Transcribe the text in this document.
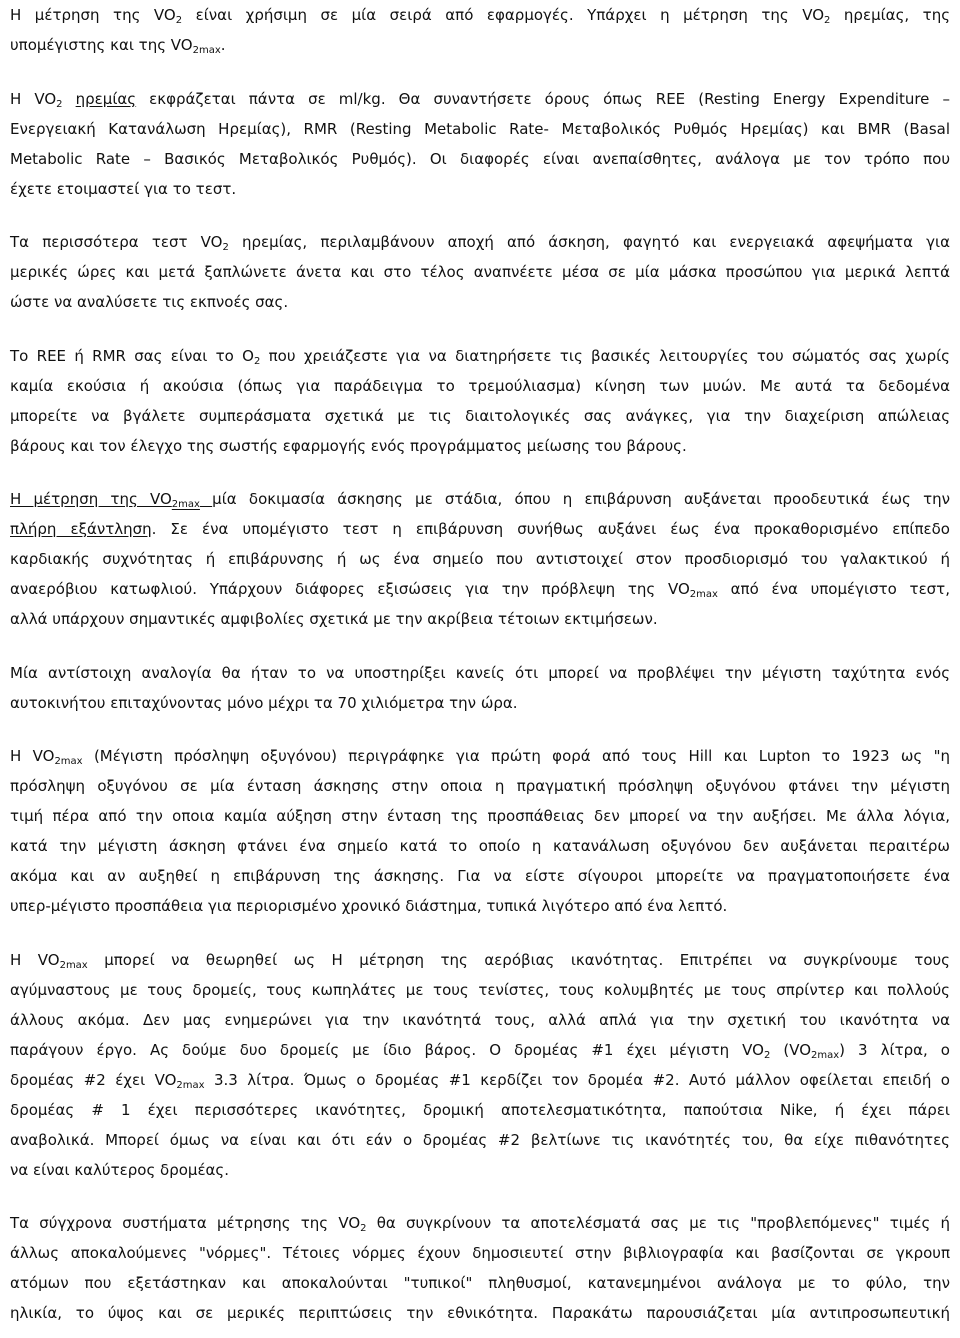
Η μέτρηση της $VO_2$ είναι χρήσιμη σε μία σειρά από εφαρμογές. Υπάρχει η μέτρηση της $VO_2$ ηρεμίας, της
υπομέγιστης και της $VO_{2max}$.
Η $VO_2$ ηρεμίας εκφράζεται πάντα σε ml/kg. Θα συναντήσετε όρους όπως REE (Resting Energy Expenditure –
Ενεργειακή Κατανάλωση Ηρεμίας), RMR (Resting Metabolic Rate- Μεταβολικός Ρυθμός Ηρεμίας) και BMR (Basal
Metabolic Rate – Βασικός Μεταβολικός Ρυθμός). Οι διαφορές είναι ανεπαίσθητες, ανάλογα με τον τρόπο που
έχετε ετοιμαστεί για το τεστ.
Τα περισσότερα τεστ $VO_2$ ηρεμίας, περιλαμβάνουν αποχή από άσκηση, φαγητό και ενεργειακά αφεψήματα για
μερικές ώρες και μετά ξαπλώνετε άνετα και στο τέλος αναπνέετε μέσα σε μία μάσκα προσώπου για μερικά λεπτά
ώστε να αναλύσετε τις εκπνοές σας.
Το REE ή RMR σας είναι το $O_2$ που χρειάζεστε για να διατηρήσετε τις βασικές λειτουργίες του σώματός σας χωρίς
καμία εκούσια ή ακούσια (όπως για παράδειγμα το τρεμούλιασμα) κίνηση των μυών. Με αυτά τα δεδομένα
μπορείτε να βγάλετε συμπεράσματα σχετικά με τις διαιτολογικές σας ανάγκες, για την διαχείριση απώλειας
βάρους και τον έλεγχο της σωστής εφαρμογής ενός προγράμματος μείωσης του βάρους.
Η μέτρηση της $VO_{2max}$ μία δοκιμασία άσκησης με στάδια, όπου η επιβάρυνση αυξάνεται προοδευτικά έως την
πλήρη εξάντληση. Σε ένα υπομέγιστο τεστ η επιβάρυνση συνήθως αυξάνει έως ένα προκαθορισμένο επίπεδο
καρδιακής συχνότητας ή επιβάρυνσης ή ως ένα σημείο που αντιστοιχεί στον προσδιορισμό του γαλακτικού ή
αναερόβιου κατωφλιού. Υπάρχουν διάφορες εξισώσεις για την πρόβλεψη της $VO_{2max}$ από ένα υπομέγιστο τεστ,
αλλά υπάρχουν σημαντικές αμφιβολίες σχετικά με την ακρίβεια τέτοιων εκτιμήσεων.
Μία αντίστοιχη αναλογία θα ήταν το να υποστηρίξει κανείς ότι μπορεί να προβλέψει την μέγιστη ταχύτητα ενός
αυτοκινήτου επιταχύνοντας μόνο μέχρι τα 70 χιλιόμετρα την ώρα.
Η $VO_{2max}$ (Μέγιστη πρόσληψη οξυγόνου) περιγράφηκε για πρώτη φορά από τους Hill και Lupton το 1923 ως "η
πρόσληψη οξυγόνου σε μία ένταση άσκησης στην οποια η πραγματική πρόσληψη οξυγόνου φτάνει την μέγιστη
τιμή πέρα από την οποια καμία αύξηση στην ένταση της προσπάθειας δεν μπορεί να την αυξήσει. Με άλλα λόγια,
κατά την μέγιστη άσκηση φτάνει ένα σημείο κατά το οποίο η κατανάλωση οξυγόνου δεν αυξάνεται περαιτέρω
ακόμα και αν αυξηθεί η επιβάρυνση της άσκησης. Για να είστε σίγουροι μπορείτε να πραγματοποιήσετε ένα
υπερ-μέγιστο προσπάθεια για περιορισμένο χρονικό διάστημα, τυπικά λιγότερο από ένα λεπτό.
Η $VO_{2max}$ μπορεί να θεωρηθεί ως Η μέτρηση της αερόβιας ικανότητας. Επιτρέπει να συγκρίνουμε τους
αγύμναστους με τους δρομείς, τους κωπηλάτες με τους τενίστες, τους κολυμβητές με τους σπρίντερ και πολλούς
άλλους ακόμα. Δεν μας ενημερώνει για την ικανότητά τους, αλλά απλά για την σχετική του ικανότητα να
παράγουν έργο. Ας δούμε δυο δρομείς με ίδιο βάρος. Ο δρομέας #1 έχει μέγιστη $VO_2$ $(VO_{2max})$ 3 λίτρα, ο
δρομέας #2 έχει $VO_{2max}$ 3.3 λίτρα. Όμως ο δρομέας #1 κερδίζει τον δρομέα #2. Αυτό μάλλον οφείλεται επειδή ο
δρομέας # 1 έχει περισσότερες ικανότητες, δρομική αποτελεσματικότητα, παπούτσια Nike, ή έχει πάρει
αναβολικά. Μπορεί όμως να είναι και ότι εάν ο δρομέας #2 βελτίωνε τις ικανότητές του, θα είχε πιθανότητες
να είναι καλύτερος δρομέας.
Τα σύγχρονα συστήματα μέτρησης της $VO_2$ θα συγκρίνουν τα αποτελέσματά σας με τις "προβλεπόμενες" τιμές ή
άλλως αποκαλούμενες "νόρμες". Τέτοιες νόρμες έχουν δημοσιευτεί στην βιβλιογραφία και βασίζονται σε γκρουπ
ατόμων που εξετάστηκαν και αποκαλούνται "τυπικοί" πληθυσμοί, κατανεμημένοι ανάλογα με το φύλο, την
ηλικία, το ύψος και σε μερικές περιπτώσεις την εθνικότητα. Παρακάτω παρουσιάζεται μία αντιπροσωπευτική
